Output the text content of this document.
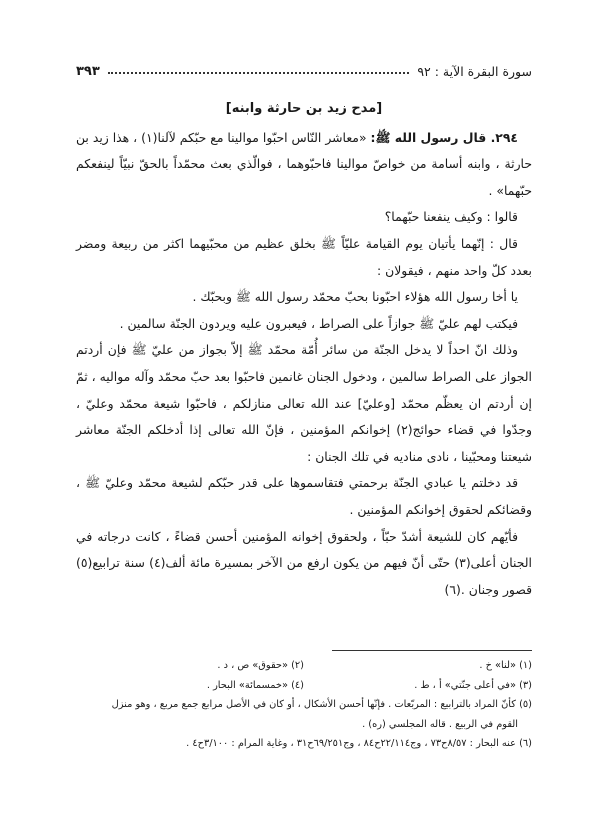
٣٩٣	سورة البقرة الآية : ٩٢
[مدح زيد بن حارثة وابنه]

٢٩٤. قال رسول الله ﷺ: «معاشر النّاس احبّوا موالينا مع حبّكم لآلنا(١) ، هذا زيد بن حارثة ، وابنه أسامة من خواصّ موالينا فاحبّوهما ، فوالّذي بعث محمّداً بالحقّ نبيّاً لينفعكم حبّهما» .

قالوا : وكيف ينفعنا حبّهما؟

قال : إنّهما يأتيان يوم القيامة عليّاً ﷺ بخلق عظيم من محبّيهما اكثر من ربيعة ومضر بعدد كلّ واحد منهم ، فيقولان :

يا أخا رسول الله هؤلاء احبّونا بحبّ محمّد رسول الله ﷺ وبحبّك .

فيكتب لهم عليّ ﷺ جوازاً على الصراط ، فيعبرون عليه ويردون الجنّة سالمين .

وذلك انّ احداً لا يدخل الجنّة من سائر أُمّة محمّد ﷺ إلاّ بجواز من عليّ ﷺ فإن أردتم الجواز على الصراط سالمين ، ودخول الجنان غانمين فاحبّوا بعد حبّ محمّد وآله مواليه ، ثمّ إن أردتم ان يعظّم محمّد [وعليّ] عند الله تعالى منازلكم ، فاحبّوا شيعة محمّد وعليّ ، وجدّوا في قضاء حوائج(٢) إخوانكم المؤمنين ، فإنّ الله تعالى إذا أدخلكم الجنّة معاشر شيعتنا ومحبّينا ، نادى مناديه في تلك الجنان :

قد دخلتم يا عبادي الجنّة برحمتي فتقاسموها على قدر حبّكم لشيعة محمّد وعليّ ﷺ ، وقضائكم لحقوق إخوانكم المؤمنين .

فأيّهم كان للشيعة أشدّ حبّاً ، ولحقوق إخوانه المؤمنين أحسن قضاءً ، كانت درجاته في الجنان أعلى(٣) حتّى أنّ فيهم من يكون ارفع من الآخر بمسيرة مائة ألف(٤) سنة ترابيع(٥) قصور وجنان .(٦)

(١) «لنا» خ .
(٢) «حقوق» ص ، د .
(٣) «في أعلى جنّتي» أ ، ط .
(٤) «خمسمائة» البحار .

(٥) كأنّ المراد بالترابيع : المربّعات . فإنّها أحسن الأشكال ، أو كان في الأصل مرابع جمع مربع ، وهو منزل

القوم في الربيع . قاله المجلسي (ره) .

(٦) عنه البحار : ٨/٥٧ح٧٣ ، وج٢٢/١١٤ح٨٤ ، وج٦٩/٢٥١ح٣١ ، وغاية المرام : ٣/١٠٠ح٤ .
